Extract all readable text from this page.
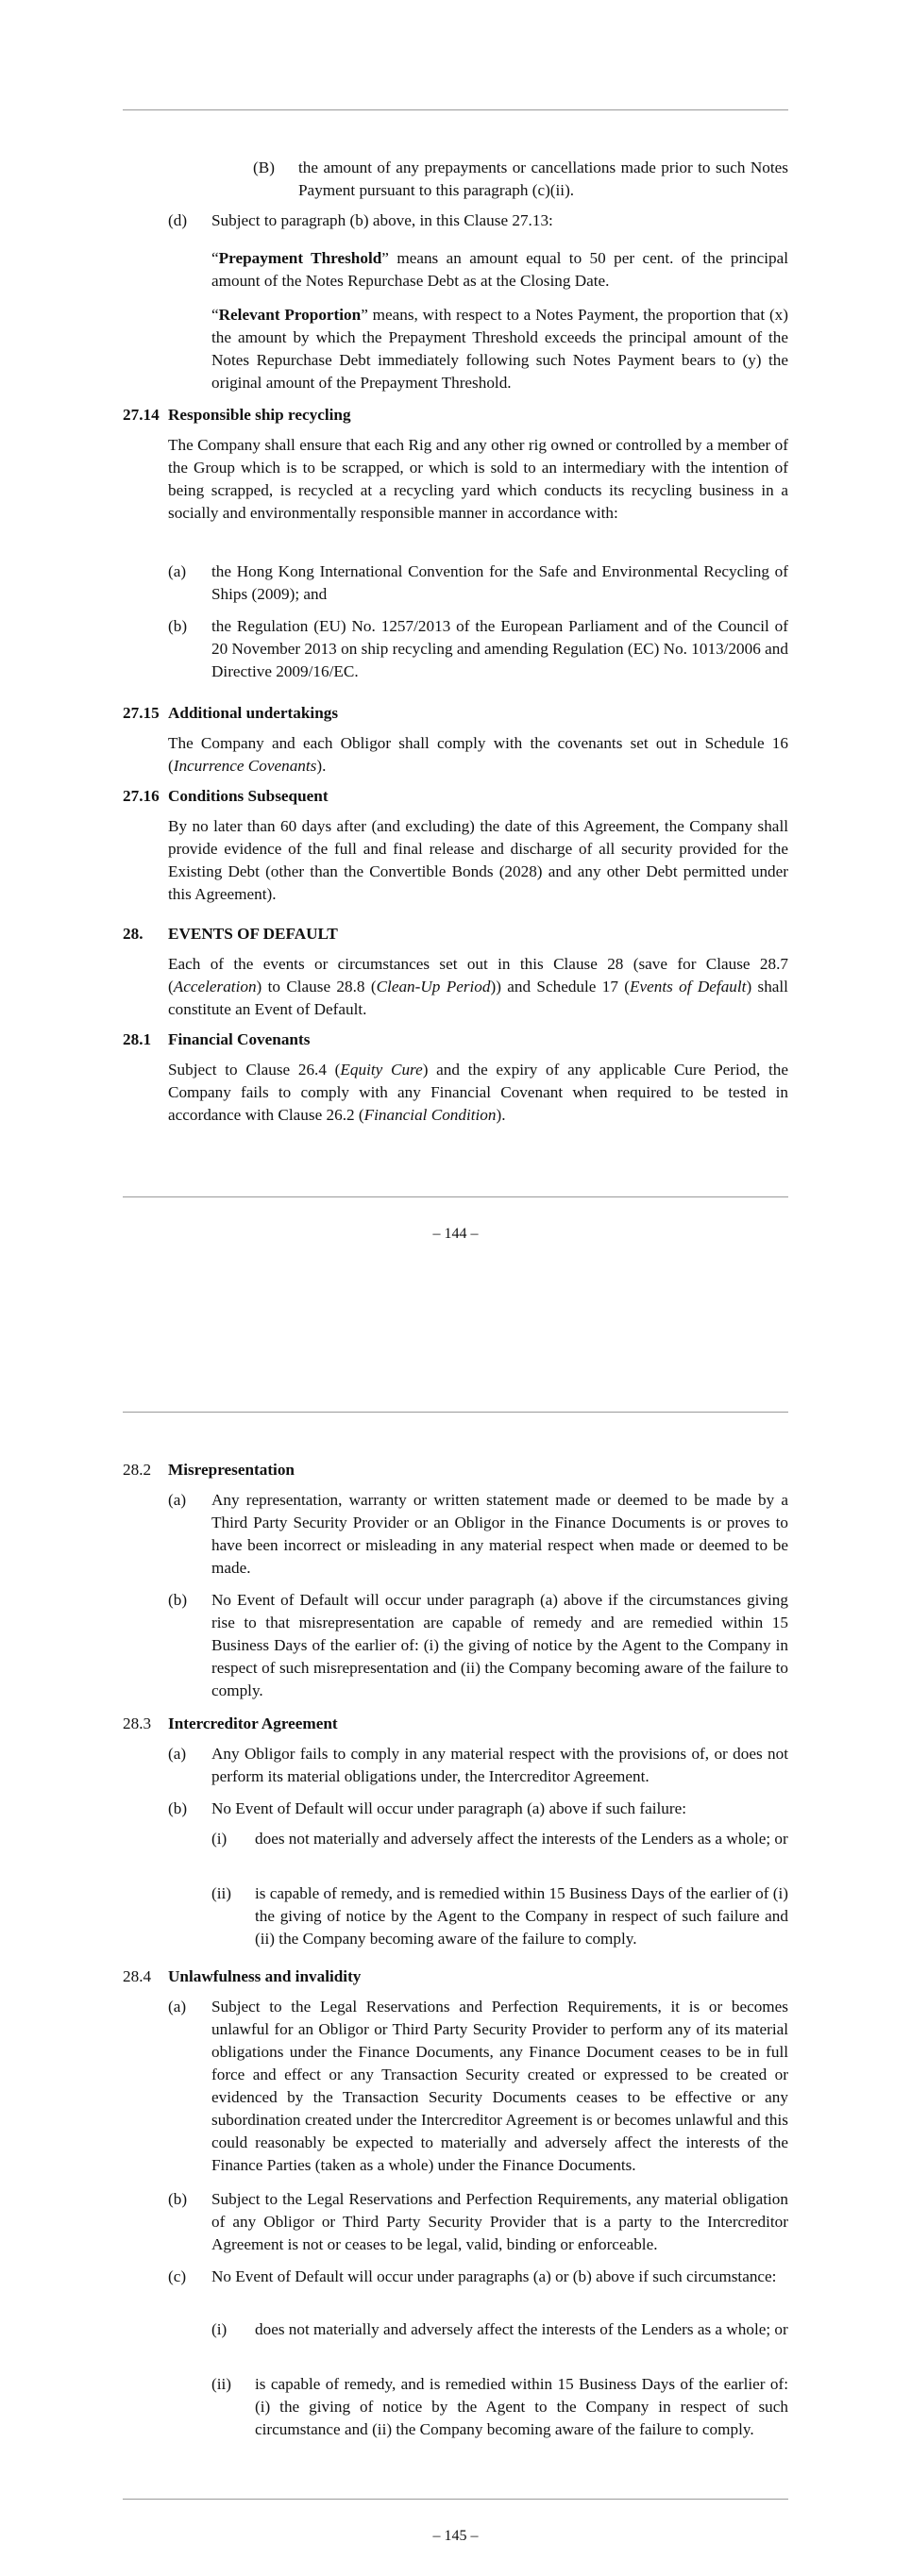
(B) the amount of any prepayments or cancellations made prior to such Notes Payment pursuant to this paragraph (c)(ii).

(d) Subject to paragraph (b) above, in this Clause 27.13:

“Prepayment Threshold” means an amount equal to 50 per cent. of the principal amount of the Notes Repurchase Debt as at the Closing Date.

“Relevant Proportion” means, with respect to a Notes Payment, the proportion that (x) the amount by which the Prepayment Threshold exceeds the principal amount of the Notes Repurchase Debt immediately following such Notes Payment bears to (y) the original amount of the Prepayment Threshold.

27.14 Responsible ship recycling

The Company shall ensure that each Rig and any other rig owned or controlled by a member of the Group which is to be scrapped, or which is sold to an intermediary with the intention of being scrapped, is recycled at a recycling yard which conducts its recycling business in a socially and environmentally responsible manner in accordance with:

(a) the Hong Kong International Convention for the Safe and Environmental Recycling of Ships (2009); and

(b) the Regulation (EU) No. 1257/2013 of the European Parliament and of the Council of 20 November 2013 on ship recycling and amending Regulation (EC) No. 1013/2006 and Directive 2009/16/EC.

27.15 Additional undertakings

The Company and each Obligor shall comply with the covenants set out in Schedule 16 (Incurrence Covenants).

27.16 Conditions Subsequent

By no later than 60 days after (and excluding) the date of this Agreement, the Company shall provide evidence of the full and final release and discharge of all security provided for the Existing Debt (other than the Convertible Bonds (2028) and any other Debt permitted under this Agreement).

28. EVENTS OF DEFAULT

Each of the events or circumstances set out in this Clause 28 (save for Clause 28.7 (Acceleration) to Clause 28.8 (Clean-Up Period)) and Schedule 17 (Events of Default) shall constitute an Event of Default.

28.1 Financial Covenants

Subject to Clause 26.4 (Equity Cure) and the expiry of any applicable Cure Period, the Company fails to comply with any Financial Covenant when required to be tested in accordance with Clause 26.2 (Financial Condition).

– 144 –
28.2 Misrepresentation
(a) Any representation, warranty or written statement made or deemed to be made by a Third Party Security Provider or an Obligor in the Finance Documents is or proves to have been incorrect or misleading in any material respect when made or deemed to be made.

(b) No Event of Default will occur under paragraph (a) above if the circumstances giving rise to that misrepresentation are capable of remedy and are remedied within 15 Business Days of the earlier of: (i) the giving of notice by the Agent to the Company in respect of such misrepresentation and (ii) the Company becoming aware of the failure to comply.

28.3 Intercreditor Agreement
(a) Any Obligor fails to comply in any material respect with the provisions of, or does not perform its material obligations under, the Intercreditor Agreement.

(b) No Event of Default will occur under paragraph (a) above if such failure:

(i) does not materially and adversely affect the interests of the Lenders as a whole; or

(ii) is capable of remedy, and is remedied within 15 Business Days of the earlier of (i) the giving of notice by the Agent to the Company in respect of such failure and (ii) the Company becoming aware of the failure to comply.

28.4 Unlawfulness and invalidity
(a) Subject to the Legal Reservations and Perfection Requirements, it is or becomes unlawful for an Obligor or Third Party Security Provider to perform any of its material obligations under the Finance Documents, any Finance Document ceases to be in full force and effect or any Transaction Security created or expressed to be created or evidenced by the Transaction Security Documents ceases to be effective or any subordination created under the Intercreditor Agreement is or becomes unlawful and this could reasonably be expected to materially and adversely affect the interests of the Finance Parties (taken as a whole) under the Finance Documents.

(b) Subject to the Legal Reservations and Perfection Requirements, any material obligation of any Obligor or Third Party Security Provider that is a party to the Intercreditor Agreement is not or ceases to be legal, valid, binding or enforceable.

(c) No Event of Default will occur under paragraphs (a) or (b) above if such circumstance:

(i) does not materially and adversely affect the interests of the Lenders as a whole; or

(ii) is capable of remedy, and is remedied within 15 Business Days of the earlier of: (i) the giving of notice by the Agent to the Company in respect of such circumstance and (ii) the Company becoming aware of the failure to comply.

– 145 –
